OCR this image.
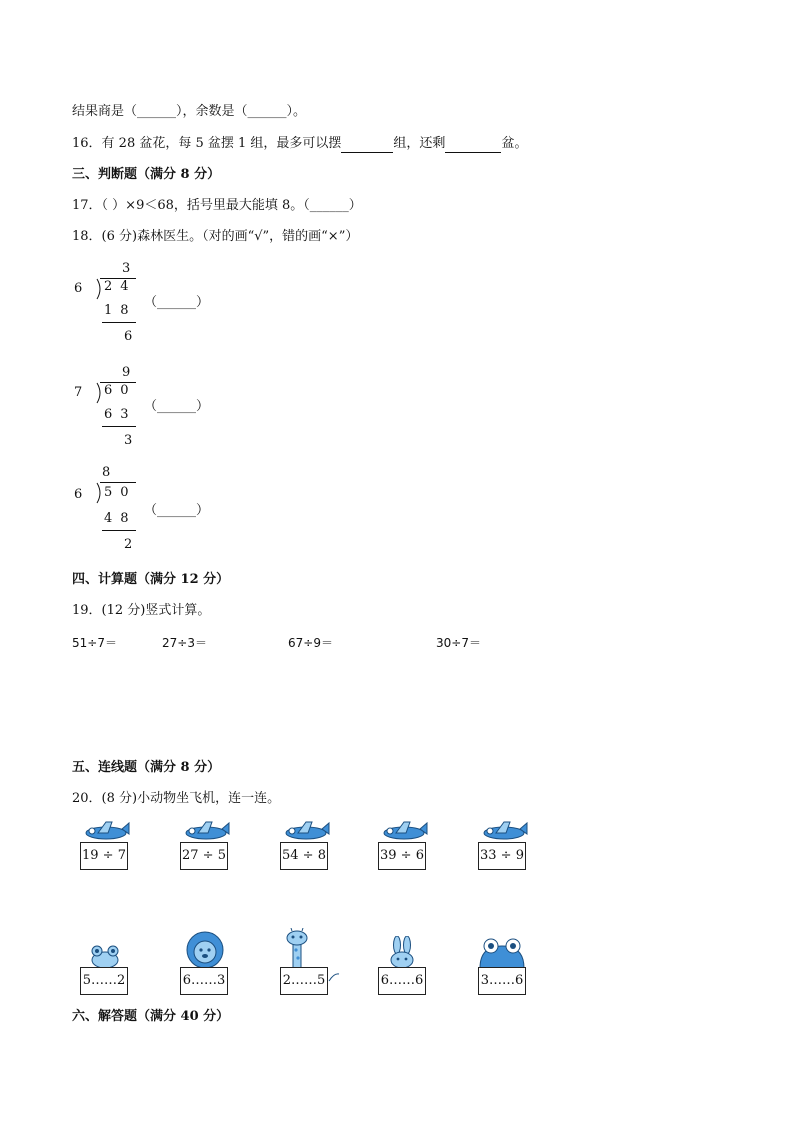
结果商是（______），余数是（______）。
16．有 28 盆花，每 5 盆摆 1 组，最多可以摆	组，还剩	盆。
三、判断题（满分 8 分）
17．（ ）×9＜68，括号里最大能填 8。（______）
18．(6 分)森林医生。（对的画“√”，错的画“×”）
3
6 24
18
6
（______）
9
7 60
63
3
（______）
8
6 50
48
2
（______）
四、计算题（满分 12 分）
19．(12 分)竖式计算。
51÷7＝	27÷3＝	67÷9＝	30÷7＝
五、连线题（满分 8 分）
20．(8 分)小动物坐飞机，连一连。
19 ÷ 7	27 ÷ 5	54 ÷ 8	39 ÷ 6	33 ÷ 9
5……2	6……3	2……5	6……6	3……6
六、解答题（满分 40 分）
